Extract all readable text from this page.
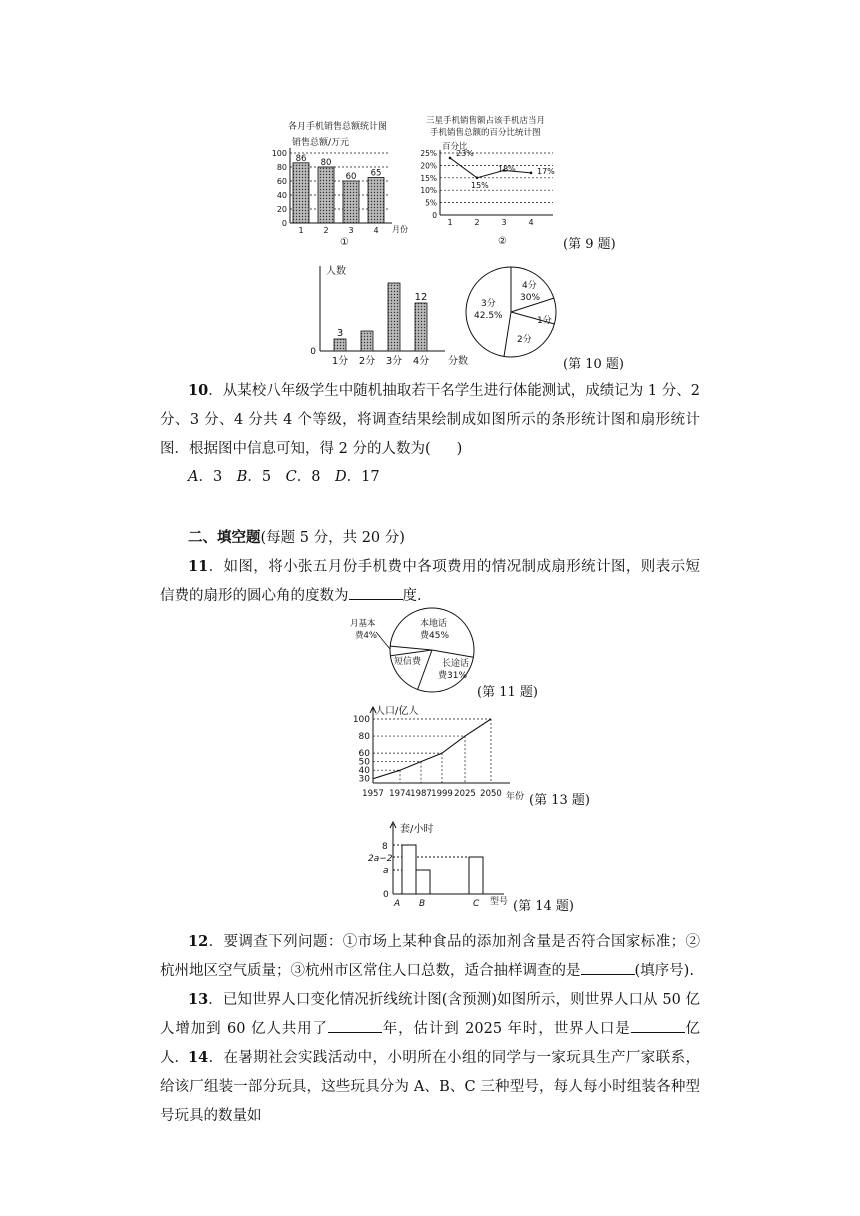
各月手机销售总额统计图
销售总额/万元
月份
①
0
20
40
60
80
100
86
1
80
2
60
3
65
4
三星手机销售额占该手机店当月
手机销售总额的百分比统计图
百分比
②
0
5%
10%
15%
20%
25% 23%
1
15%
2
18%
3
17%
4
(第 9 题)
人数
分数
0
3
1分 2分 3分
12
4分
4分
30%
3分
42.5%
2分
1分
(第 10 题)
10．从某校八年级学生中随机抽取若干名学生进行体能测试，成绩记为 1 分、2 分、3 分、4 分共 4 个等级，将调查结果绘制成如图所示的条形统计图和扇形统计图．根据图中信息可知，得 2 分的人数为( )
A．3　 B．5　 C．8　 D．17
二、填空题(每题 5 分，共 20 分)
11．如图，将小张五月份手机费中各项费用的情况制成扇形统计图，则表示短信费的扇形的圆心角的度数为	度．
本地话
费45%
月基本
费4%
短信费 长途话
费31%
(第 11 题)
人口/亿人
年份
30
40
50
60
80
100
1957 1974 1987 1999 2025 2050 (第 13 题)
套/小时
8
2a−2
a
0
A B	C 型号 (第 14 题)
12．要调查下列问题：①市场上某种食品的添加剂含量是否符合国家标准；②杭州地区空气质量；③杭州市区常住人口总数，适合抽样调查的是	(填序号).
13．已知世界人口变化情况折线统计图(含预测)如图所示，则世界人口从 50 亿人增加到 60 亿人共用了	年，估计到 2025 年时，世界人口是	亿人． 14．在暑期社会实践活动中，小明所在小组的同学与一家玩具生产厂家联系，给该厂组装一部分玩具，这些玩具分为 A、B、C 三种型号，每人每小时组装各种型号玩具的数量如
